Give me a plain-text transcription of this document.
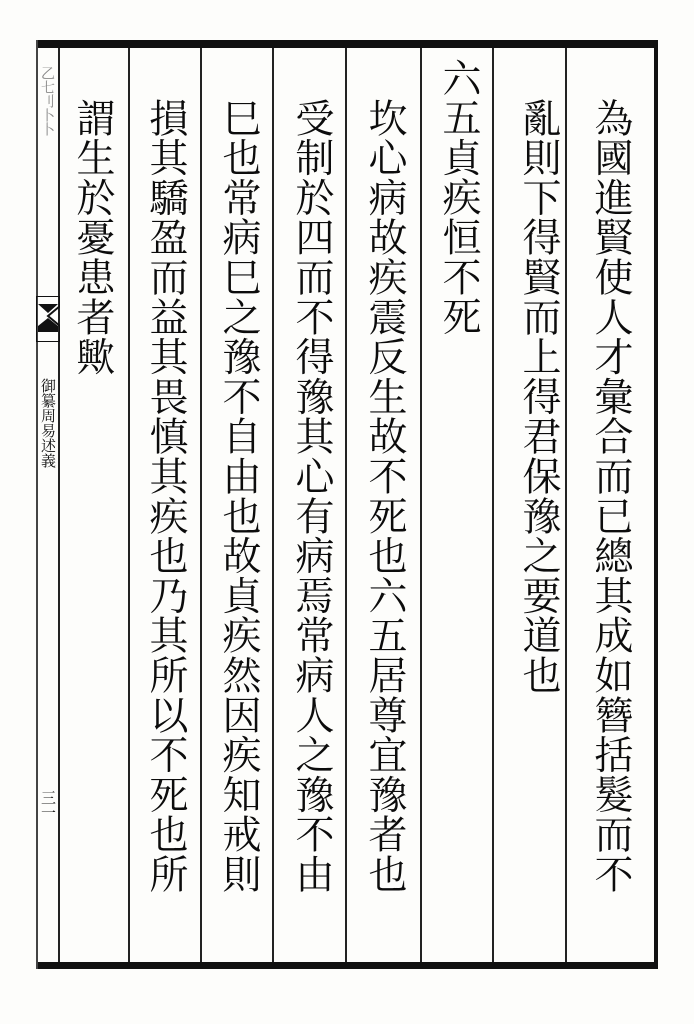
乙七刂卜卜
御纂周易述義
三一	為國進賢使人才彙合而已總其成如簪括髮而不
亂則下得賢而上得君保豫之要道也
六五貞疾恒不死
坎心病故疾震反生故不死也六五居尊宜豫者也
受制於四而不得豫其心有病焉常病人之豫不由
巳也常病巳之豫不自由也故貞疾然因疾知戒則
損其驕盈而益其畏慎其疾也乃其所以不死也所
謂生於憂患者歟
